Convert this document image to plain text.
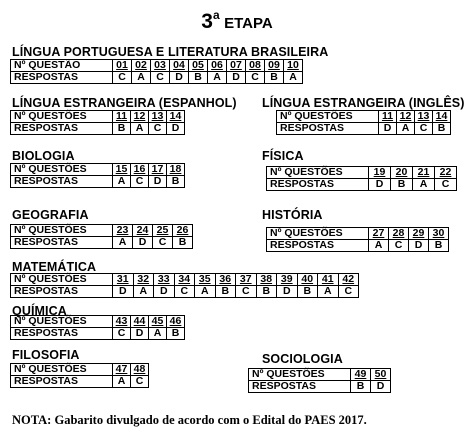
3$^a$ ETAPA
LÍNGUA PORTUGUESA E LITERATURA BRASILEIRA
Nº QUESTÃO	01	02	03	04	05	06	07	08	09	10
RESPOSTAS	C	A	C	D	B	A	D	C	B	A
LÍNGUA ESTRANGEIRA (ESPANHOL)
Nº QUESTÕES	11	12	13	14
RESPOSTAS	B	A	C	D
LÍNGUA ESTRANGEIRA (INGLÊS)
Nº QUESTÕES	11	12	13	14
RESPOSTAS	D	A	C	B
BIOLOGIA
Nº QUESTÕES	15	16	17	18
RESPOSTAS	A	C	D	B
FÍSICA
Nº QUESTÕES	19	20	21	22
RESPOSTAS	D	B	A	C
GEOGRAFIA
Nº QUESTÕES	23	24	25	26
RESPOSTAS	A	D	C	B
HISTÓRIA
Nº QUESTÕES	27	28	29	30
RESPOSTAS	A	C	D	B
MATEMÁTICA
Nº QUESTÕES	31	32	33	34	35	36	37	38	39	40	41	42
RESPOSTAS	D	A	D	C	A	B	C	B	D	B	A	C
QUÍMICA
Nº QUESTÕES	43	44	45	46
RESPOSTAS	C	D	A	B
FILOSOFIA
Nº QUESTÕES	47	48
RESPOSTAS	A	C
SOCIOLOGIA
Nº QUESTÕES	49	50
RESPOSTAS	B	D
NOTA: Gabarito divulgado de acordo com o Edital do PAES 2017.
